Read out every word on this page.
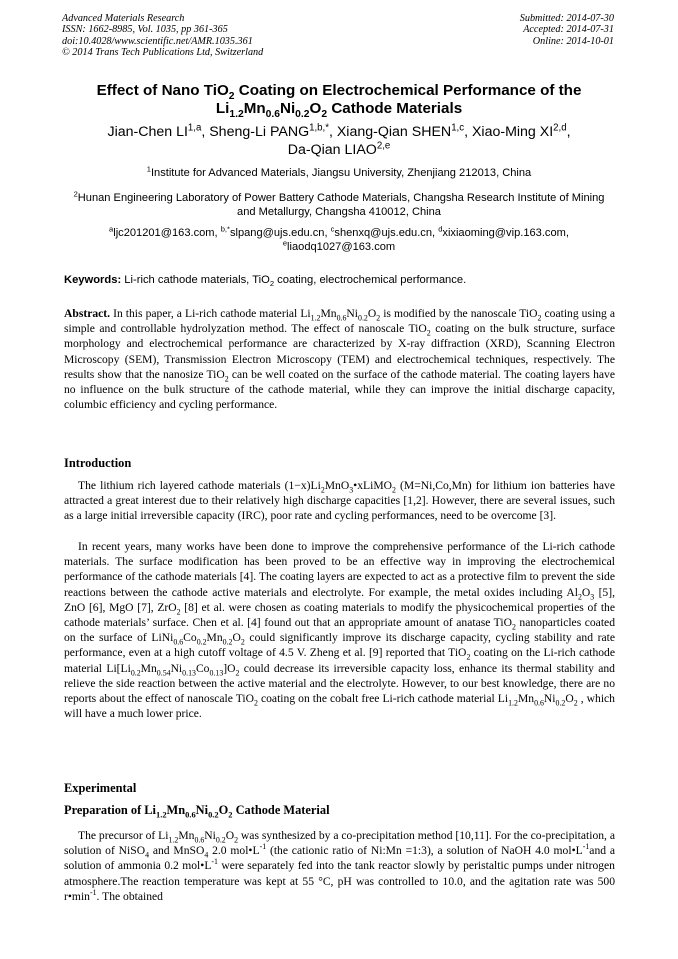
Advanced Materials Research
ISSN: 1662-8985, Vol. 1035, pp 361-365
doi:10.4028/www.scientific.net/AMR.1035.361
© 2014 Trans Tech Publications Ltd, Switzerland
Submitted: 2014-07-30
Accepted: 2014-07-31
Online: 2014-10-01
Effect of Nano TiO$_2$ Coating on Electrochemical Performance of the
$Li_{1.2}Mn_{0.6}Ni_{0.2}O_2$ Cathode Materials
Jian-Chen LI$^{1,a}$, Sheng-Li $PANG^{1,b,*}$, Xiang-Qian SHEN$^{1,c}$, Xiao-Ming XI$^{2,d}$,
Da-Qian LIAO$^{2,e}$
$^1$Institute for Advanced Materials, Jiangsu University, Zhenjiang 212013, China
$^2$Hunan Engineering Laboratory of Power Battery Cathode Materials, Changsha Research Institute of Mining and Metallurgy, Changsha 410012, China
$^a$ljc201201@163.com, $^{b,*}$slpang@ujs.edu.cn, $^c$shenxq@ujs.edu.cn, $^d$xixiaoming@vip.163.com,
$^e$liaodq1027@163.com
Keywords: Li-rich cathode materials, TiO$_2$ coating, electrochemical performance.
Abstract. In this paper, a Li-rich cathode material $Li_{1.2}Mn_{0.6}Ni_{0.2}O_2$ is modified by the nanoscale TiO$_2$ coating using a simple and controllable hydrolyzation method. The effect of nanoscale TiO$_2$ coating on the bulk structure, surface morphology and electrochemical performance are characterized by X-ray diffraction (XRD), Scanning Electron Microscopy (SEM), Transmission Electron Microscopy (TEM) and electrochemical techniques, respectively. The results show that the nanosize TiO$_2$ can be well coated on the surface of the cathode material. The coating layers have no influence on the bulk structure of the cathode material, while they can improve the initial discharge capacity, columbic efficiency and cycling performance.
Introduction
The lithium rich layered cathode materials $(1-x)Li_2MnO_3•xLiMO_2$ (M=Ni,Co,Mn) for lithium ion batteries have attracted a great interest due to their relatively high discharge capacities [1,2]. However, there are several issues, such as a large initial irreversible capacity (IRC), poor rate and cycling performances, need to be overcome [3].
In recent years, many works have been done to improve the comprehensive performance of the Li-rich cathode materials. The surface modification has been proved to be an effective way in improving the electrochemical performance of the cathode materials [4]. The coating layers are expected to act as a protective film to prevent the side reactions between the cathode active materials and electrolyte. For example, the metal oxides including $Al_2O_3$ [5], ZnO [6], MgO [7], ZrO$_2$ [8] et al. were chosen as coating materials to modify the physicochemical properties of the cathode materials’ surface. Chen et al. [4] found out that an appropriate amount of anatase TiO$_2$ nanoparticles coated on the surface of $LiNi_{0.6}Co_{0.2}Mn_{0.2}O_2$ could significantly improve its discharge capacity, cycling stability and rate performance, even at a high cutoff voltage of 4.5 V. Zheng et al. [9] reported that TiO$_2$ coating on the Li-rich cathode material $Li[Li_{0.2}Mn_{0.54}Ni_{0.13}Co_{0.13}]O_2$ could decrease its irreversible capacity loss, enhance its thermal stability and relieve the side reaction between the active material and the electrolyte. However, to our best knowledge, there are no reports about the effect of nanoscale TiO$_2$ coating on the cobalt free Li-rich cathode material $Li_{1.2}Mn_{0.6}Ni_{0.2}O_2$ , which will have a much lower price.
Experimental
Preparation of $Li_{1.2}Mn_{0.6}Ni_{0.2}O_2$ Cathode Material
The precursor of $Li_{1.2}Mn_{0.6}Ni_{0.2}O_2$ was synthesized by a co-precipitation method [10,11]. For the co-precipitation, a solution of NiSO$_4$ and MnSO$_4$ 2.0 $mol•L^{-1}$ (the cationic ratio of Ni:Mn =1:3), a solution of NaOH 4.0 $mol•L^{-1}and$ a solution of ammonia 0.2 $mol•L^{-1}$ were separately fed into the tank reactor slowly by peristaltic pumps under nitrogen atmosphere.The reaction temperature was kept at 55 °C, pH was controlled to 10.0, and the agitation rate was 500 $r•\min^{-1}$. The obtained
